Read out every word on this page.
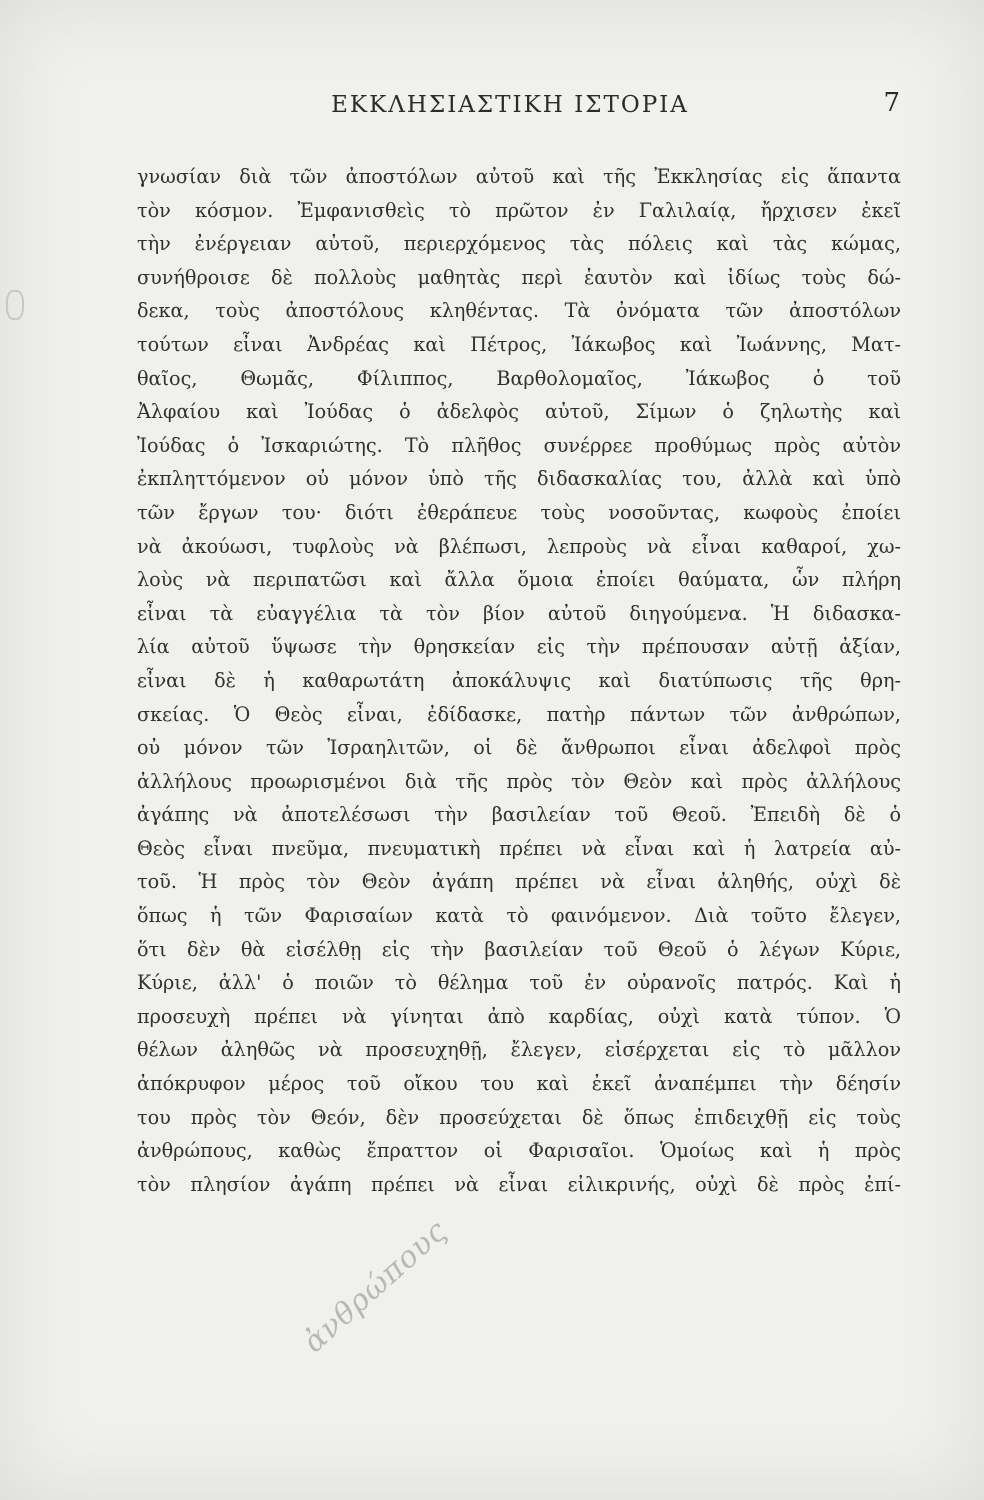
ΕΚΚΛΗΣΙΑΣΤΙΚΗ ΙΣΤΟΡΙΑ	7
γνωσίαν διὰ τῶν ἀποστόλων αὐτοῦ καὶ τῆς Ἐκκλησίας εἰς ἅπαντα
τὸν κόσμον. Ἐμφανισθεὶς τὸ πρῶτον ἐν Γαλιλαίᾳ, ἤρχισεν ἐκεῖ
τὴν ἐνέργειαν αὐτοῦ, περιερχόμενος τὰς πόλεις καὶ τὰς κώμας,
συνήθροισε δὲ πολλοὺς μαθητὰς περὶ ἑαυτὸν καὶ ἰδίως τοὺς δώ-
δεκα, τοὺς ἀποστόλους κληθέντας. Τὰ ὀνόματα τῶν ἀποστόλων
τούτων εἶναι Ἀνδρέας καὶ Πέτρος, Ἰάκωβος καὶ Ἰωάννης, Ματ-
θαῖος, Θωμᾶς, Φίλιππος, Βαρθολομαῖος, Ἰάκωβος ὁ τοῦ
Ἀλφαίου καὶ Ἰούδας ὁ ἀδελφὸς αὐτοῦ, Σίμων ὁ ζηλωτὴς καὶ
Ἰούδας ὁ Ἰσκαριώτης. Τὸ πλῆθος συνέρρεε προθύμως πρὸς αὐτὸν
ἐκπληττόμενον οὐ μόνον ὑπὸ τῆς διδασκαλίας του, ἀλλὰ καὶ ὑπὸ
τῶν ἔργων του· διότι ἐθεράπευε τοὺς νοσοῦντας, κωφοὺς ἐποίει
νὰ ἀκούωσι, τυφλοὺς νὰ βλέπωσι, λεπροὺς νὰ εἶναι καθαροί, χω-
λοὺς νὰ περιπατῶσι καὶ ἄλλα ὅμοια ἐποίει θαύματα, ὧν πλήρη
εἶναι τὰ εὐαγγέλια τὰ τὸν βίον αὐτοῦ διηγούμενα. Ἡ διδασκα-
λία αὐτοῦ ὕψωσε τὴν θρησκείαν εἰς τὴν πρέπουσαν αὐτῇ ἀξίαν,
εἶναι δὲ ἡ καθαρωτάτη ἀποκάλυψις καὶ διατύπωσις τῆς θρη-
σκείας. Ὁ Θεὸς εἶναι, ἐδίδασκε, πατὴρ πάντων τῶν ἀνθρώπων,
οὐ μόνον τῶν Ἰσραηλιτῶν, οἱ δὲ ἄνθρωποι εἶναι ἀδελφοὶ πρὸς
ἀλλήλους προωρισμένοι διὰ τῆς πρὸς τὸν Θεὸν καὶ πρὸς ἀλλήλους
ἀγάπης νὰ ἀποτελέσωσι τὴν βασιλείαν τοῦ Θεοῦ. Ἐπειδὴ δὲ ὁ
Θεὸς εἶναι πνεῦμα, πνευματικὴ πρέπει νὰ εἶναι καὶ ἡ λατρεία αὐ-
τοῦ. Ἡ πρὸς τὸν Θεὸν ἀγάπη πρέπει νὰ εἶναι ἀληθής, οὐχὶ δὲ
ὅπως ἡ τῶν Φαρισαίων κατὰ τὸ φαινόμενον. Διὰ τοῦτο ἔλεγεν,
ὅτι δὲν θὰ εἰσέλθῃ εἰς τὴν βασιλείαν τοῦ Θεοῦ ὁ λέγων Κύριε,
Κύριε, ἀλλ' ὁ ποιῶν τὸ θέλημα τοῦ ἐν οὐρανοῖς πατρός. Καὶ ἡ
προσευχὴ πρέπει νὰ γίνηται ἀπὸ καρδίας, οὐχὶ κατὰ τύπον. Ὁ
θέλων ἀληθῶς νὰ προσευχηθῇ, ἔλεγεν, εἰσέρχεται εἰς τὸ μᾶλλον
ἀπόκρυφον μέρος τοῦ οἴκου του καὶ ἐκεῖ ἀναπέμπει τὴν δέησίν
του πρὸς τὸν Θεόν, δὲν προσεύχεται δὲ ὅπως ἐπιδειχθῇ εἰς τοὺς
ἀνθρώπους, καθὼς ἔπραττον οἱ Φαρισαῖοι. Ὁμοίως καὶ ἡ πρὸς
τὸν πλησίον ἀγάπη πρέπει νὰ εἶναι εἰλικρινής, οὐχὶ δὲ πρὸς ἐπί-
ἀνθρώπους
